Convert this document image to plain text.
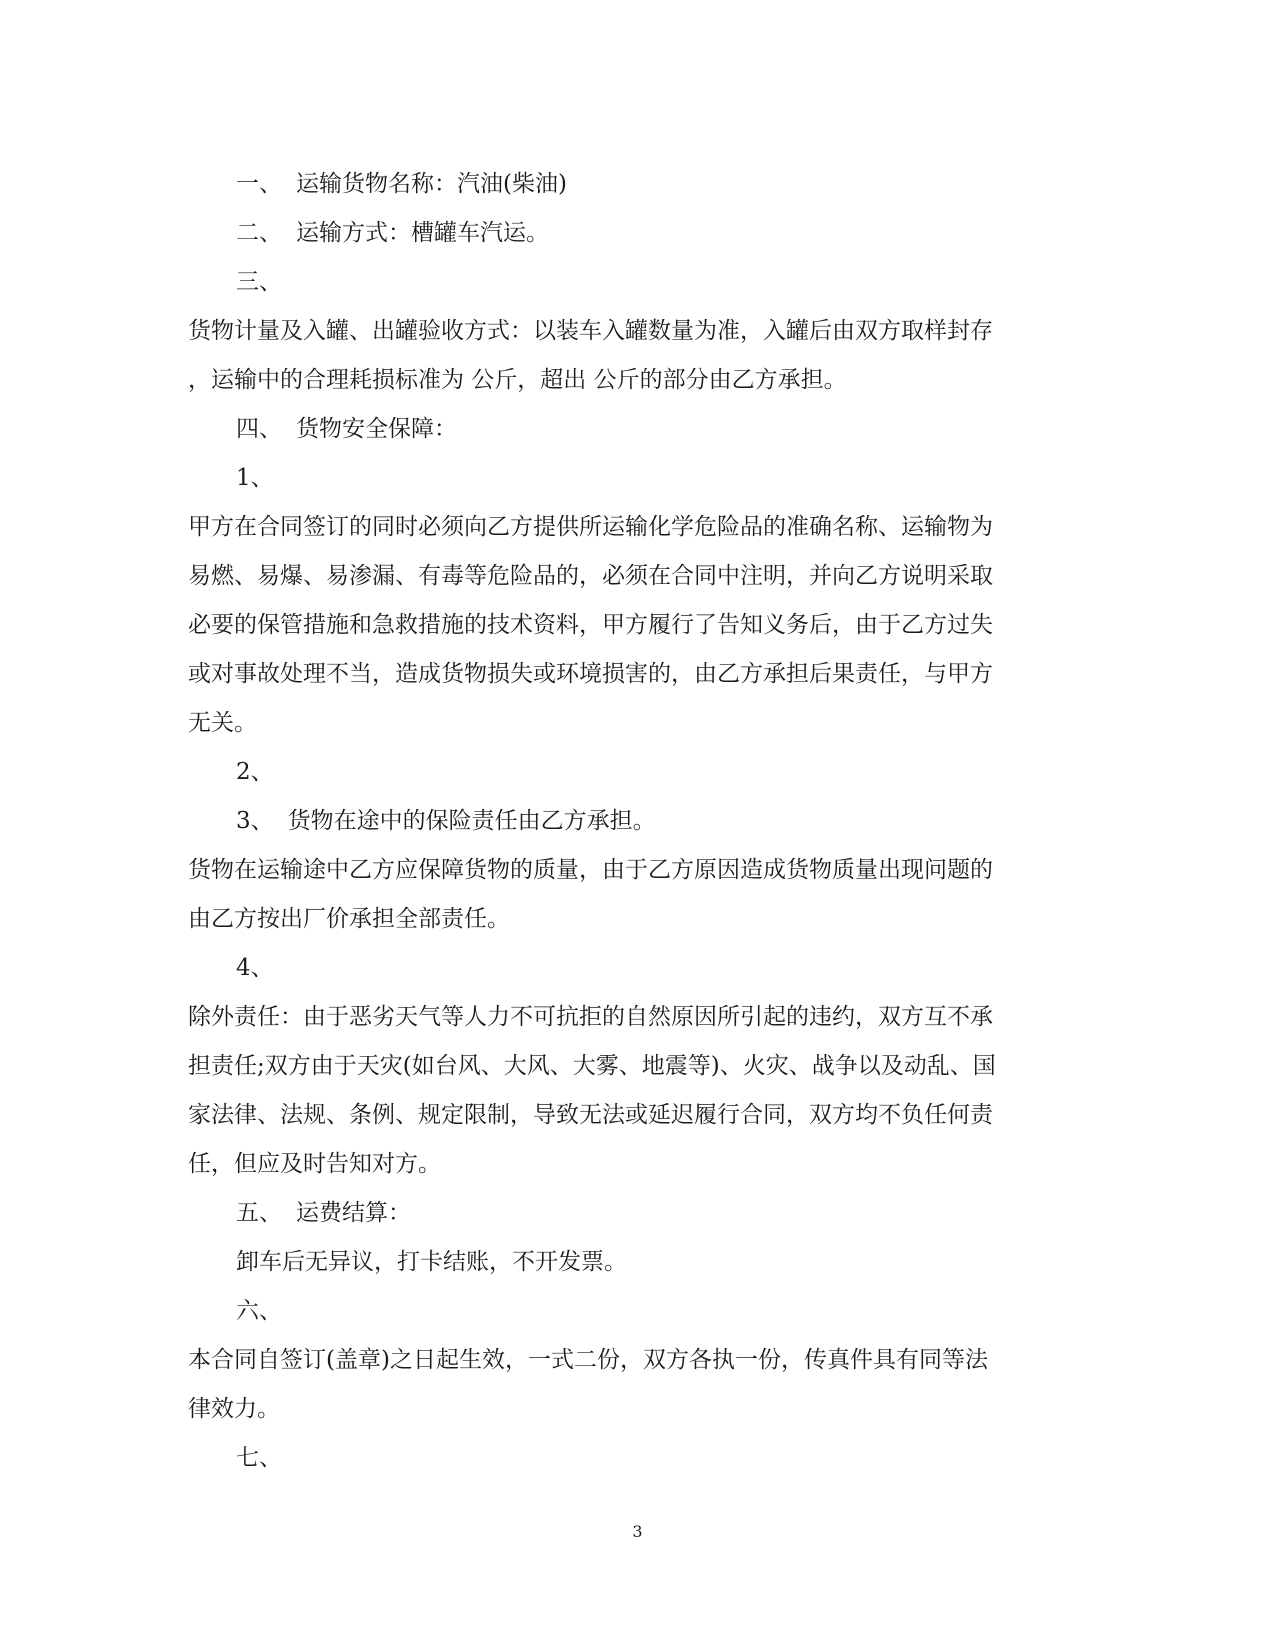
一、 运输货物名称：汽油(柴油)
二、 运输方式：槽罐车汽运。
三、
货物计量及入罐、出罐验收方式：以装车入罐数量为准，入罐后由双方取样封存
，运输中的合理耗损标准为 公斤，超出 公斤的部分由乙方承担。
四、 货物安全保障：
1、
甲方在合同签订的同时必须向乙方提供所运输化学危险品的准确名称、运输物为
易燃、易爆、易渗漏、有毒等危险品的，必须在合同中注明，并向乙方说明采取
必要的保管措施和急救措施的技术资料，甲方履行了告知义务后，由于乙方过失
或对事故处理不当，造成货物损失或环境损害的，由乙方承担后果责任，与甲方
无关。
2、
3、 货物在途中的保险责任由乙方承担。
货物在运输途中乙方应保障货物的质量，由于乙方原因造成货物质量出现问题的
由乙方按出厂价承担全部责任。
4、
除外责任：由于恶劣天气等人力不可抗拒的自然原因所引起的违约，双方互不承
担责任;双方由于天灾(如台风、大风、大雾、地震等)、火灾、战争以及动乱、国
家法律、法规、条例、规定限制，导致无法或延迟履行合同，双方均不负任何责
任，但应及时告知对方。
五、 运费结算：
卸车后无异议，打卡结账，不开发票。
六、
本合同自签订(盖章)之日起生效，一式二份，双方各执一份，传真件具有同等法
律效力。
七、
3
